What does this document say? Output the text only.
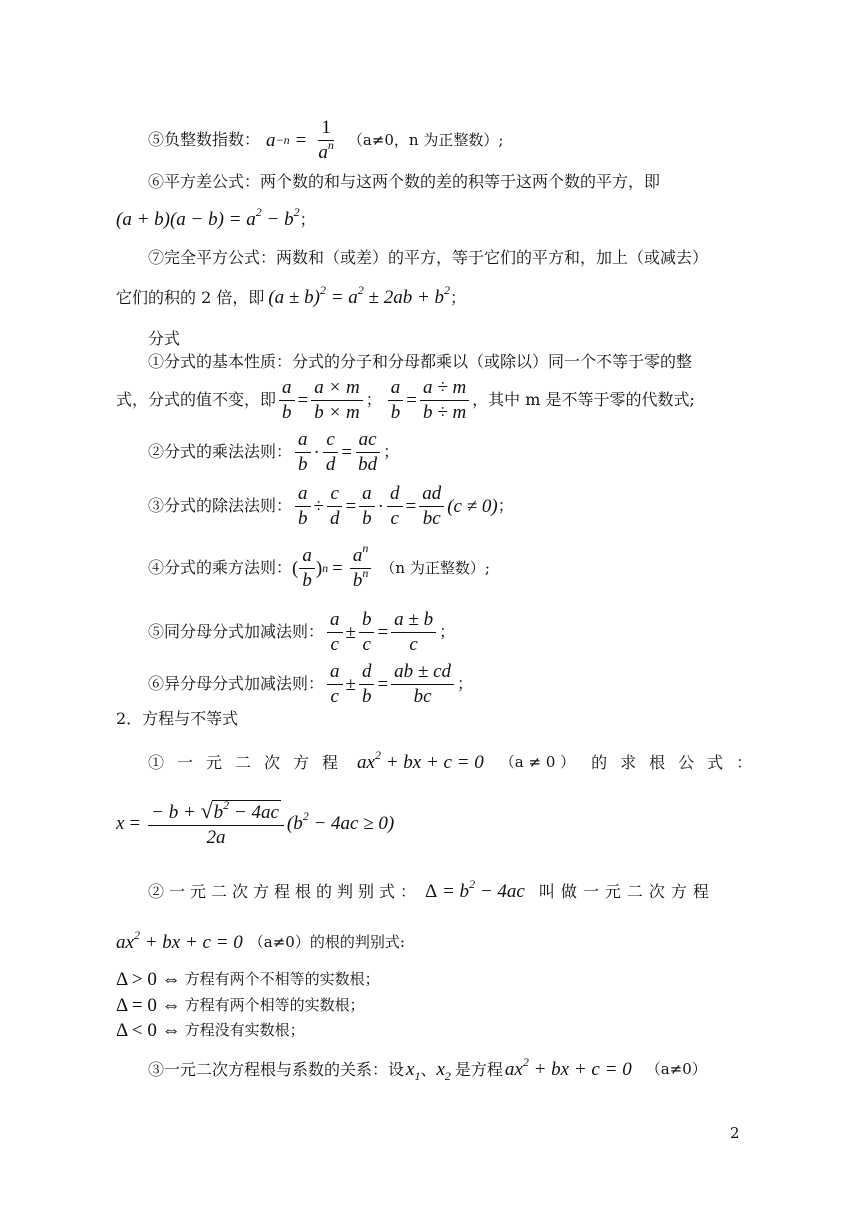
⑤负整数指数： $a -n = \frac{1}{a^n} (a\ne 0$，n 为正整数）;
⑥平方差公式：两个数的和与这两个数的差的积等于这两个数的平方，即
$(a + b)(a - b) = a^2 - b^2$ ；
⑦完全平方公式：两数和（或差）的平方，等于它们的平方和，加上（或减去）
它们的积的 2 倍，即 $(a \pm b)^2 = a^2 \pm 2ab + b^2$ ；
分式
①分式的基本性质：分式的分子和分母都乘以（或除以）同一个不等于零的整
式，分式的值不变，即 $\frac{a}{b} = \frac{a \times m}{b \times m}$ ； $\frac{a}{b} = \frac{a \div m}{b \div m}$ ，其中 m 是不等于零的代数式;
②分式的乘法法则： $\frac{a}{b} \cdot \frac{c}{d} = \frac{ac}{bd}$ ；
③分式的除法法则： $\frac{a}{b} \div \frac{c}{d} = \frac{a}{b} \cdot \frac{d}{c} = \frac{ad}{bc} (c \ne 0)$ ；
④分式的乘方法则： ( $\frac{a}{b}$ ) $n = \frac{a^n}{b^n} (n$ 为正整数）;
⑤同分母分式加减法则： $\frac{a}{c} \pm \frac{b}{c} = \frac{a \pm b}{c}$ ；
⑥异分母分式加减法则： $\frac{a}{c} \pm \frac{d}{b} = \frac{ab \pm cd}{bc}$ ；
2．方程与不等式
①一元二次方程 $ax^2$ + bx + c = 0 （a ≠ 0 ） 的求根公式：
$x = \frac{- b + √ b^2 - 4ac}{2a} (b^2 - 4ac \ge 0)$
②一元二次方程根的判别式： $\Delta = b^2 - 4ac$ 叫做一元二次方程
$ax^2$ + bx + c = 0 （a≠0）的根的判别式:
Δ > 0 ⇔ 方程有两个不相等的实数根；
Δ = 0 ⇔ 方程有两个相等的实数根；
Δ < 0 ⇔ 方程没有实数根；
③一元二次方程根与系数的关系：设 $x_1$ 、 $x_2$ 是方程 $ax^2$ + bx + c = 0 （a≠0）
2
